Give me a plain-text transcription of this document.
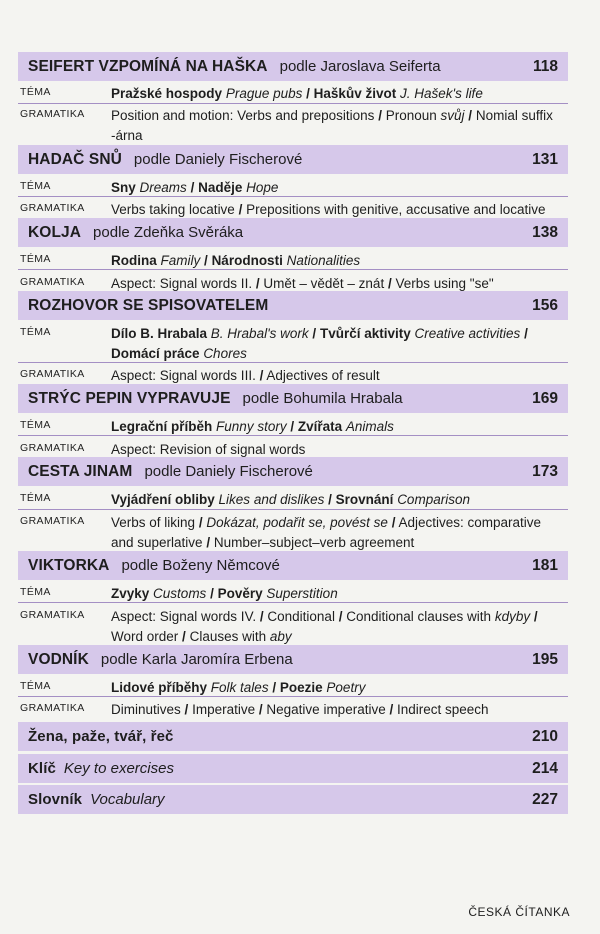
SEIFERT VZPOMÍNÁ NA HAŠKA podle Jaroslava Seiferta	118
TÉMA	Pražské hospody Prague pubs / Haškův život J. Hašek's life
GRAMATIKA Position and motion: Verbs and prepositions / Pronoun svůj / Nomial suffix
-árna
HADAČ SNŮ podle Daniely Fischerové	131
TÉMA	Sny Dreams / Naděje Hope
GRAMATIKA Verbs taking locative / Prepositions with genitive, accusative and locative
KOLJA podle Zdeňka Svěráka	138
TÉMA	Rodina Family / Národnosti Nationalities
GRAMATIKA Aspect: Signal words II. / Umět – vědět – znát / Verbs using "se"
ROZHOVOR SE SPISOVATELEM	156
TÉMA	Dílo B. Hrabala B. Hrabal's work / Tvůrčí aktivity Creative activities /
Domácí práce Chores
GRAMATIKA Aspect: Signal words III. / Adjectives of result
STRÝC PEPIN VYPRAVUJE podle Bohumila Hrabala	169
TÉMA	Legrační příběh Funny story / Zvířata Animals
GRAMATIKA Aspect: Revision of signal words
CESTA JINAM podle Daniely Fischerové	173
TÉMA	Vyjádření obliby Likes and dislikes / Srovnání Comparison
GRAMATIKA Verbs of liking / Dokázat, podařit se, povést se / Adjectives: comparative
and superlative / Number–subject–verb agreement
VIKTORKA podle Boženy Němcové	181
TÉMA	Zvyky Customs / Pověry Superstition
GRAMATIKA Aspect: Signal words IV. / Conditional / Conditional clauses with kdyby /
Word order / Clauses with aby
VODNÍK podle Karla Jaromíra Erbena	195
TÉMA	Lidové příběhy Folk tales / Poezie Poetry
GRAMATIKA Diminutives / Imperative / Negative imperative / Indirect speech
Žena, paže, tvář, řeč	210
Klíč Key to exercises	214
Slovník Vocabulary	227
ČESKÁ ČÍTANKA
